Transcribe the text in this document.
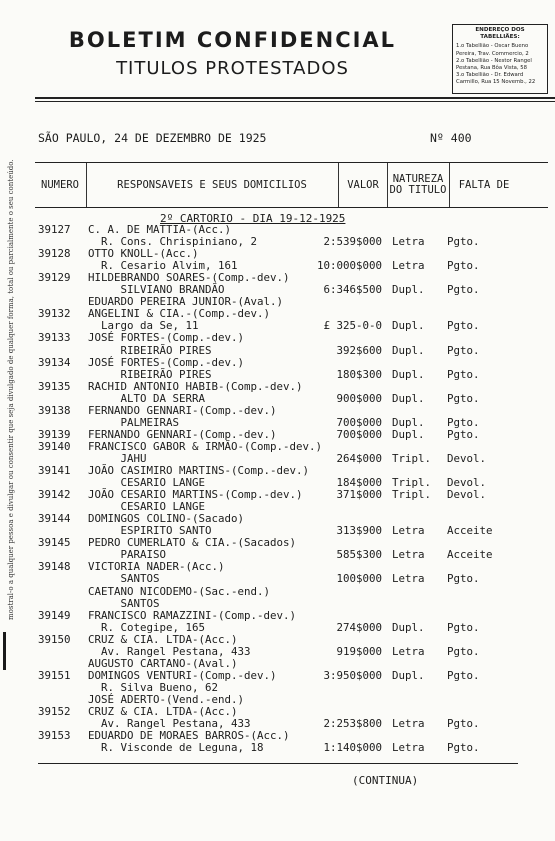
BOLETIM CONFIDENCIAL
TITULOS PROTESTADOS
ENDEREÇO DOS TABELLIÃES:
1.o Tabellião - Oscar Bueno
Pereira, Trav. Commercio, 2
2.o Tabellião - Nestor Rangel
Pestana, Rua Bôa Vista, 58
3.o Tabellião - Dr. Edward
Carmillo, Rua 15 Novemb., 22
mostral-o a qualquer pessoa e divulgar ou consentir que seja divulgado de qualquer forma, total ou parcialmente o seu conteúdo.
SÃO PAULO, 24 DE DEZEMBRO DE 1925	Nº 400
NUMERO	RESPONSAVEIS E SEUS DOMICILIOS	VALOR	NATUREZA DO TITULO	FALTA DE
2º CARTORIO - DIA 19-12-1925
39127	C. A. DE MATTIA-(Acc.)
R. Cons. Chrispiniano, 2	2:539$000 Letra	Pgto.
39128	OTTO KNOLL-(Acc.)
R. Cesario Alvim, 161	10:000$000 Letra	Pgto.
39129	HILDEBRANDO SOARES-(Comp.-dev.)
SILVIANO BRANDÃO	6:346$500 Dupl.	Pgto.
EDUARDO PEREIRA JUNIOR-(Aval.)
39132	ANGELINI & CIA.-(Comp.-dev.)
Largo da Se, 11	£ 325-0-0 Dupl.	Pgto.
39133	JOSÉ FORTES-(Comp.-dev.)
RIBEIRÃO PIRES	392$600 Dupl.	Pgto.
39134	JOSÉ FORTES-(Comp.-dev.)
RIBEIRÃO PIRES	180$300 Dupl.	Pgto.
39135	RACHID ANTONIO HABIB-(Comp.-dev.)
ALTO DA SERRA	900$000 Dupl.	Pgto.
39138	FERNANDO GENNARI-(Comp.-dev.)
PALMEIRAS	700$000 Dupl.	Pgto.
39139	FERNANDO GENNARI-(Comp.-dev.)	700$000 Dupl.	Pgto.
39140	FRANCISCO GABOR & IRMÃO-(Comp.-dev.)
JAHU	264$000 Tripl.	Devol.
39141	JOÃO CASIMIRO MARTINS-(Comp.-dev.)
CESARIO LANGE	184$000 Tripl.	Devol.
39142	JOÃO CESARIO MARTINS-(Comp.-dev.)	371$000 Tripl.	Devol.
CESARIO LANGE
39144	DOMINGOS COLINO-(Sacado)
ESPIRITO SANTO	313$900 Letra	Acceite
39145	PEDRO CUMERLATO & CIA.-(Sacados)
PARAISO	585$300 Letra	Acceite
39148	VICTORIA NADER-(Acc.)
SANTOS	100$000 Letra	Pgto.
CAETANO NICODEMO-(Sac.-end.)
SANTOS
39149	FRANCISCO RAMAZZINI-(Comp.-dev.)
R. Cotegipe, 165	274$000 Dupl.	Pgto.
39150	CRUZ & CIA. LTDA-(Acc.)
Av. Rangel Pestana, 433	919$000 Letra	Pgto.
AUGUSTO CARTANO-(Aval.)
39151	DOMINGOS VENTURI-(Comp.-dev.)	3:950$000 Dupl.	Pgto.
R. Silva Bueno, 62
JOSÉ ADERTO-(Vend.-end.)
39152	CRUZ & CIA. LTDA-(Acc.)
Av. Rangel Pestana, 433	2:253$800 Letra	Pgto.
39153	EDUARDO DE MORAES BARROS-(Acc.)
R. Visconde de Leguna, 18	1:140$000 Letra	Pgto.
(CONTINUA)
